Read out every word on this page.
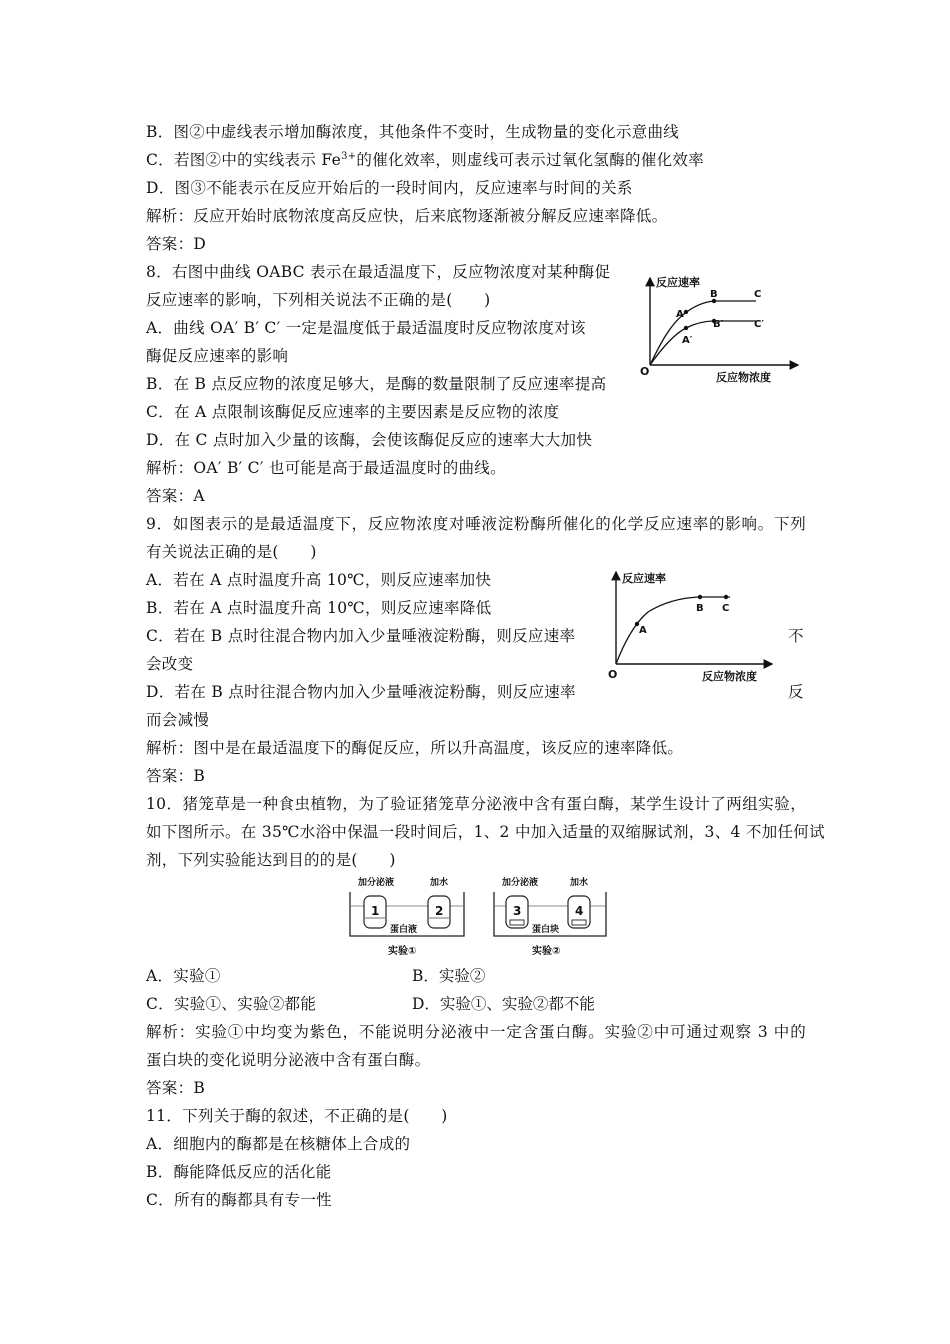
B．图②中虚线表示增加酶浓度，其他条件不变时，生成物量的变化示意曲线
C．若图②中的实线表示 $Fe^{3+}$的催化效率，则虚线可表示过氧化氢酶的催化效率
D．图③不能表示在反应开始后的一段时间内，反应速率与时间的关系
解析：反应开始时底物浓度高反应快，后来底物逐渐被分解反应速率降低。
答案：D
8．右图中曲线 OABC 表示在最适温度下，反应物浓度对某种酶促
反应速率的影响，下列相关说法不正确的是(　　)
A．曲线 OA′ B′ C′ 一定是温度低于最适温度时反应物浓度对该
酶促反应速率的影响
B．在 B 点反应物的浓度足够大，是酶的数量限制了反应速率提高
C．在 A 点限制该酶促反应速率的主要因素是反应物的浓度
D．在 C 点时加入少量的该酶，会使该酶促反应的速率大大加快
解析：OA′ B′ C′ 也可能是高于最适温度时的曲线。
答案：A
反应速率
反应物浓度
O
A
B	C
A′
B′	C′
9．如图表示的是最适温度下，反应物浓度对唾液淀粉酶所催化的化学反应速率的影响。下列
有关说法正确的是(　　)
A．若在 A 点时温度升高 10℃，则反应速率加快
B．若在 A 点时温度升高 10℃，则反应速率降低
C．若在 B 点时往混合物内加入少量唾液淀粉酶，则反应速率	不
会改变
D．若在 B 点时往混合物内加入少量唾液淀粉酶，则反应速率	反
而会减慢
解析：图中是在最适温度下的酶促反应，所以升高温度，该反应的速率降低。
答案：B
反应速率
反应物浓度
O
A
B C
10．猪笼草是一种食虫植物，为了验证猪笼草分泌液中含有蛋白酶，某学生设计了两组实验，
如下图所示。在 35℃水浴中保温一段时间后，1、2 中加入适量的双缩脲试剂，3、4 不加任何试
剂，下列实验能达到目的的是(　　)
加分泌液	加水
1	2
蛋白液
实验①
加分泌液	加水
3	4
蛋白块
实验②
A．实验①	B．实验②
C．实验①、实验②都能	D．实验①、实验②都不能
解析：实验①中均变为紫色，不能说明分泌液中一定含蛋白酶。实验②中可通过观察 3 中的
蛋白块的变化说明分泌液中含有蛋白酶。
答案：B
11．下列关于酶的叙述，不正确的是(　　)
A．细胞内的酶都是在核糖体上合成的
B．酶能降低反应的活化能
C．所有的酶都具有专一性
